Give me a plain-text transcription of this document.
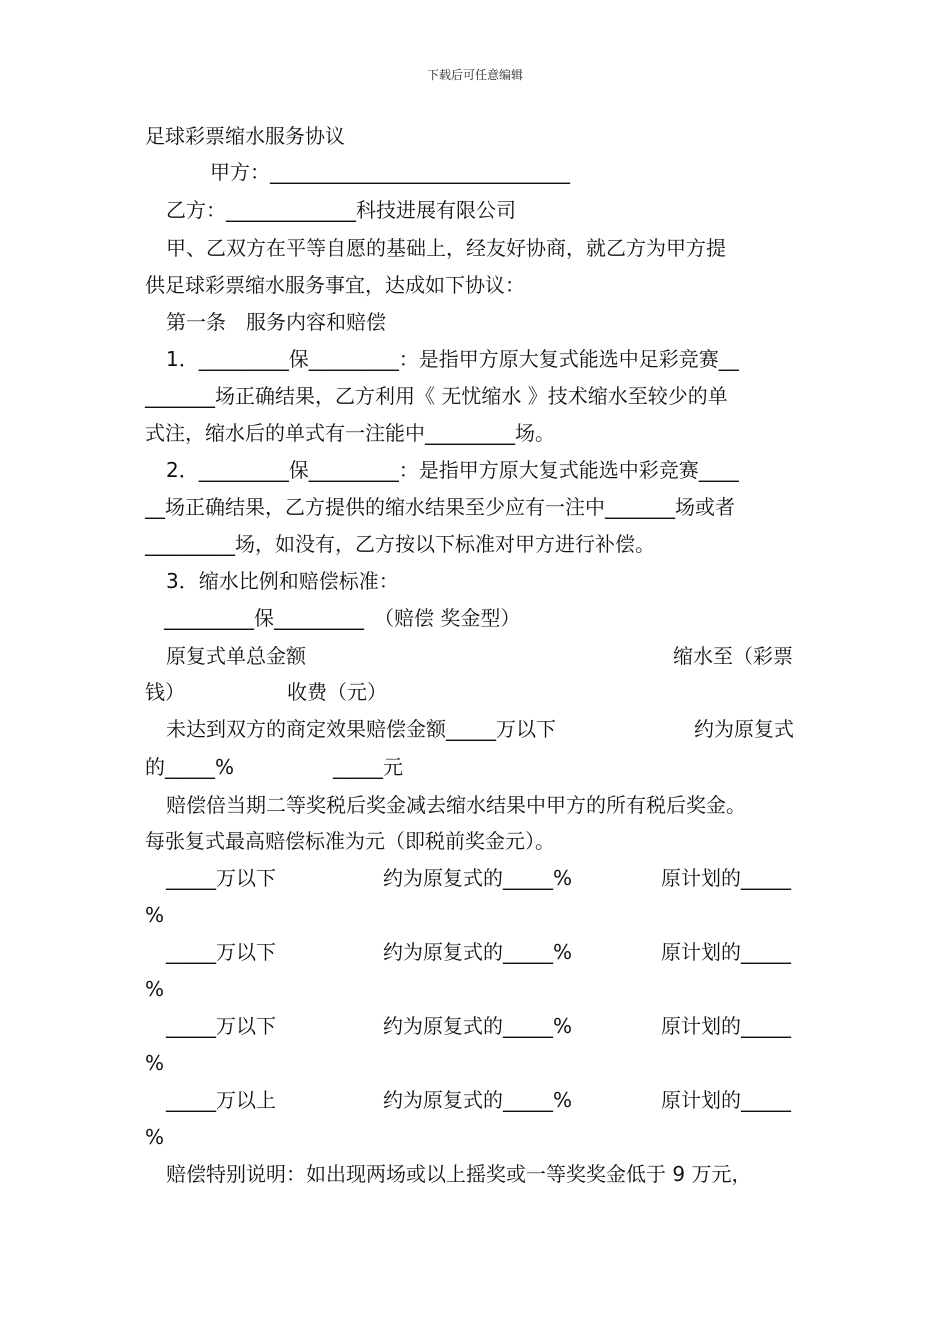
下载后可任意编辑
足球彩票缩水服务协议
甲方：______________________________
乙方：_____________科技进展有限公司
甲、乙双方在平等自愿的基础上，经友好协商，就乙方为甲方提
供足球彩票缩水服务事宜，达成如下协议：
第一条　服务内容和赔偿
1．_________保_________：是指甲方原大复式能选中足彩竞赛__
_______场正确结果，乙方利用《 无忧缩水 》技术缩水至较少的单
式注，缩水后的单式有一注能中_________场。
2．_________保_________：是指甲方原大复式能选中彩竞赛____
__场正确结果，乙方提供的缩水结果至少应有一注中_______场或者
_________场，如没有，乙方按以下标准对甲方进行补偿。
3．缩水比例和赔偿标准：
_________保_________　（赔偿 奖金型）
原复式单总金额	缩水至（彩票
钱）	收费（元）
未达到双方的商定效果赔偿金额_____万以下	约为原复式
的_____%	_____元
赔偿倍当期二等奖税后奖金减去缩水结果中甲方的所有税后奖金。
每张复式最高赔偿标准为元（即税前奖金元）。
_____万以下	约为原复式的_____%	原计划的_____
%
_____万以下	约为原复式的_____%	原计划的_____
%
_____万以下	约为原复式的_____%	原计划的_____
%
_____万以上	约为原复式的_____%	原计划的_____
%
赔偿特别说明：如出现两场或以上摇奖或一等奖奖金低于 9 万元，
